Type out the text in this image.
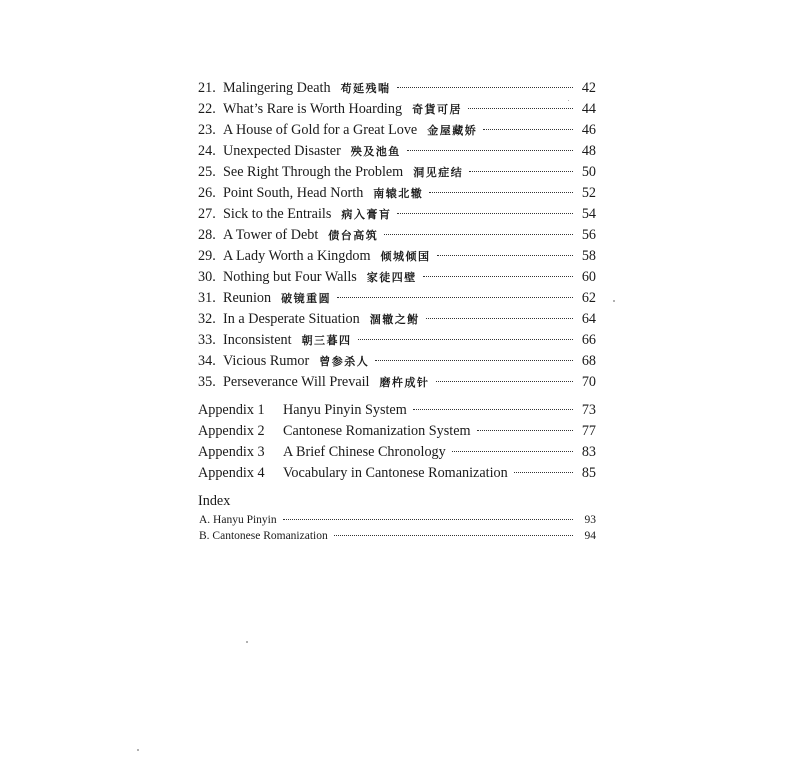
21. Malingering Death 苟延残喘	42
22. What’s Rare is Worth Hoarding 奇貨可居	44
23. A House of Gold for a Great Love 金屋藏娇	46
24. Unexpected Disaster 殃及池鱼	48
25. See Right Through the Problem 洞见症结	50
26. Point South, Head North 南辕北辙	52
27. Sick to the Entrails 病入膏肓	54
28. A Tower of Debt 债台高筑	56
29. A Lady Worth a Kingdom 倾城倾国	58
30. Nothing but Four Walls 家徒四壁	60
31. Reunion 破镜重圆	62
32. In a Desperate Situation 涸辙之鲋	64
33. Inconsistent 朝三暮四	66
34. Vicious Rumor 曾参杀人	68
35. Perseverance Will Prevail 磨杵成针	70
Appendix 1	Hanyu Pinyin System	73
Appendix 2	Cantonese Romanization System	77
Appendix 3	A Brief Chinese Chronology	83
Appendix 4	Vocabulary in Cantonese Romanization	85
Index
A. Hanyu Pinyin	93
B. Cantonese Romanization	94
